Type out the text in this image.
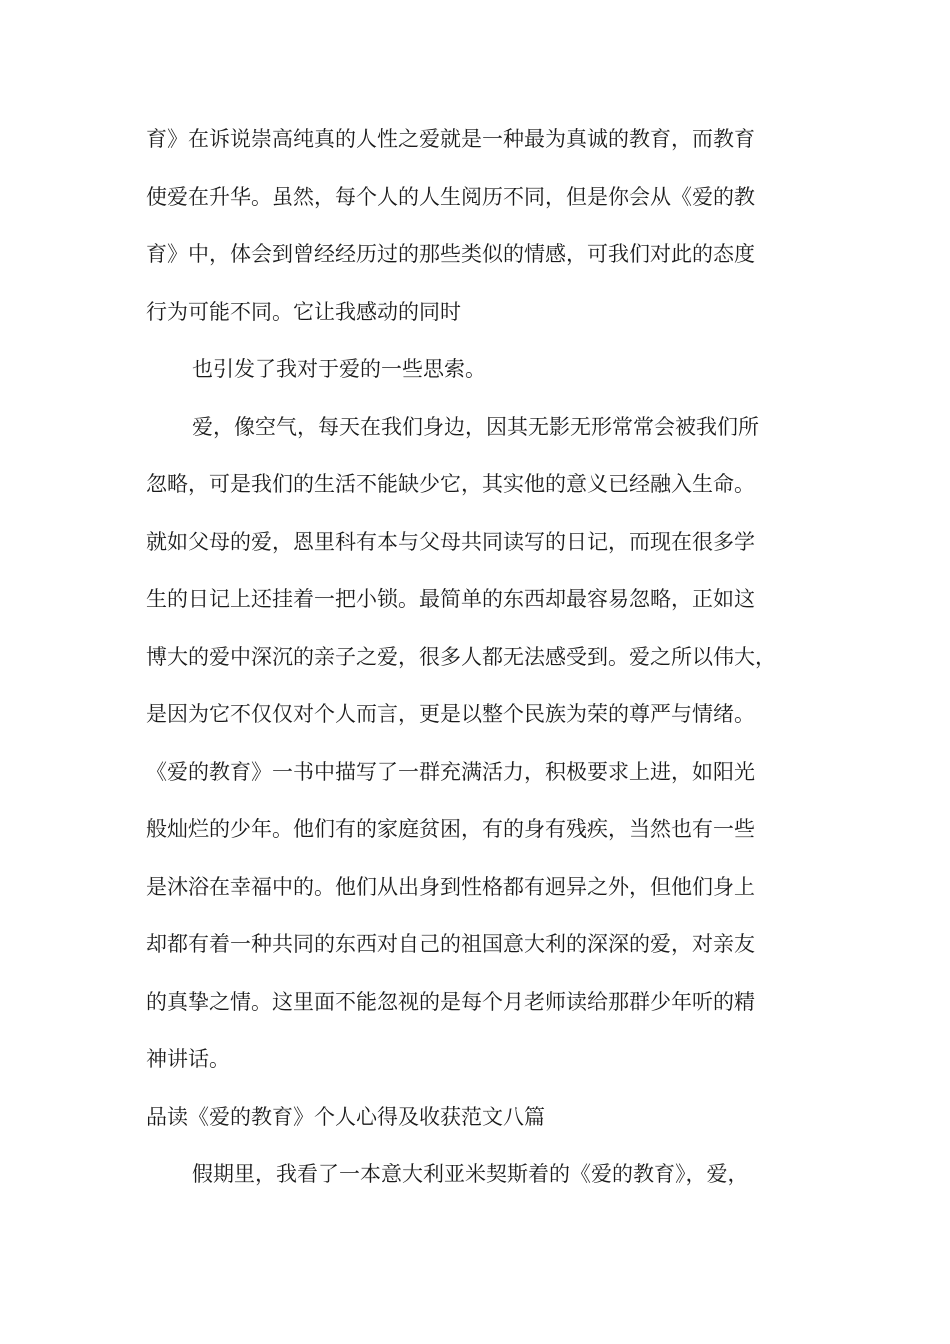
育》在诉说崇高纯真的人性之爱就是一种最为真诚的教育，而教育
使爱在升华。虽然，每个人的人生阅历不同，但是你会从《爱的教
育》中，体会到曾经经历过的那些类似的情感，可我们对此的态度
行为可能不同。它让我感动的同时
也引发了我对于爱的一些思索。
爱，像空气，每天在我们身边，因其无影无形常常会被我们所
忽略，可是我们的生活不能缺少它，其实他的意义已经融入生命。
就如父母的爱，恩里科有本与父母共同读写的日记，而现在很多学
生的日记上还挂着一把小锁。最简单的东西却最容易忽略，正如这
博大的爱中深沉的亲子之爱，很多人都无法感受到。爱之所以伟大，
是因为它不仅仅对个人而言，更是以整个民族为荣的尊严与情绪。
《爱的教育》一书中描写了一群充满活力，积极要求上进，如阳光
般灿烂的少年。他们有的家庭贫困，有的身有残疾，当然也有一些
是沐浴在幸福中的。他们从出身到性格都有迥异之外，但他们身上
却都有着一种共同的东西对自己的祖国意大利的深深的爱，对亲友
的真挚之情。这里面不能忽视的是每个月老师读给那群少年听的精
神讲话。
品读《爱的教育》个人心得及收获范文八篇
假期里，我看了一本意大利亚米契斯着的《爱的教育》，爱，
